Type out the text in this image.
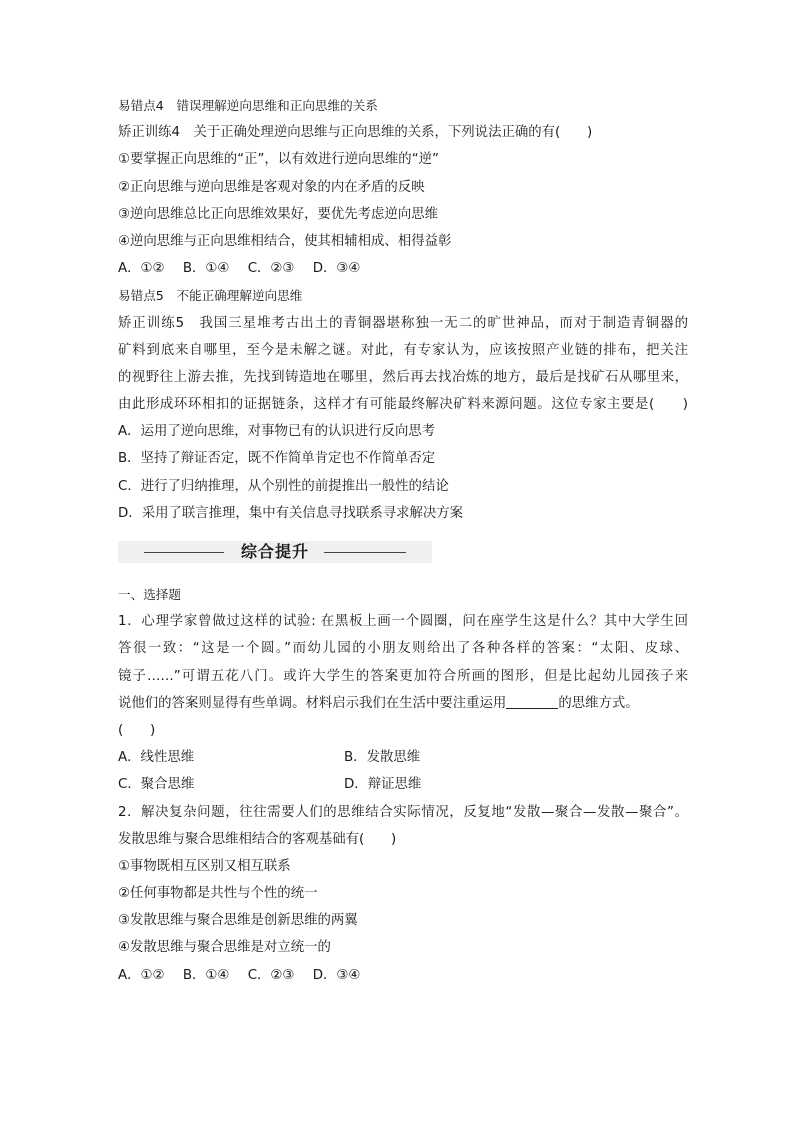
易错点4　错误理解逆向思维和正向思维的关系
矫正训练4　关于正确处理逆向思维与正向思维的关系，下列说法正确的有(　　)
①要掌握正向思维的“正”，以有效进行逆向思维的“逆”
②正向思维与逆向思维是客观对象的内在矛盾的反映
③逆向思维总比正向思维效果好，要优先考虑逆向思维
④逆向思维与正向思维相结合，使其相辅相成、相得益彰
A．①② B．①④ C．②③ D．③④
易错点5　不能正确理解逆向思维
矫正训练5　我国三星堆考古出土的青铜器堪称独一无二的旷世神品，而对于制造青铜器的
矿料到底来自哪里，至今是未解之谜。对此，有专家认为，应该按照产业链的排布，把关注
的视野往上游去推，先找到铸造地在哪里，然后再去找冶炼的地方，最后是找矿石从哪里来，
由此形成环环相扣的证据链条，这样才有可能最终解决矿料来源问题。这位专家主要是(　　)
A．运用了逆向思维，对事物已有的认识进行反向思考
B．坚持了辩证否定，既不作简单肯定也不作简单否定
C．进行了归纳推理，从个别性的前提推出一般性的结论
D．采用了联言推理，集中有关信息寻找联系寻求解决方案
综合提升
一、选择题
1．心理学家曾做过这样的试验: 在黑板上画一个圆圈，问在座学生这是什么？其中大学生回
答很一致：“这是一个圆。”而幼儿园的小朋友则给出了各种各样的答案：“太阳、皮球、
镜子……”可谓五花八门。或许大学生的答案更加符合所画的图形，但是比起幼儿园孩子来
说他们的答案则显得有些单调。材料启示我们在生活中要注重运用	的思维方式。
(　　)
A．线性思维	B．发散思维
C．聚合思维	D．辩证思维
2．解决复杂问题，往往需要人们的思维结合实际情况，反复地“发散—聚合—发散—聚合”。
发散思维与聚合思维相结合的客观基础有(　　)
①事物既相互区别又相互联系
②任何事物都是共性与个性的统一
③发散思维与聚合思维是创新思维的两翼
④发散思维与聚合思维是对立统一的
A．①② B．①④ C．②③ D．③④
